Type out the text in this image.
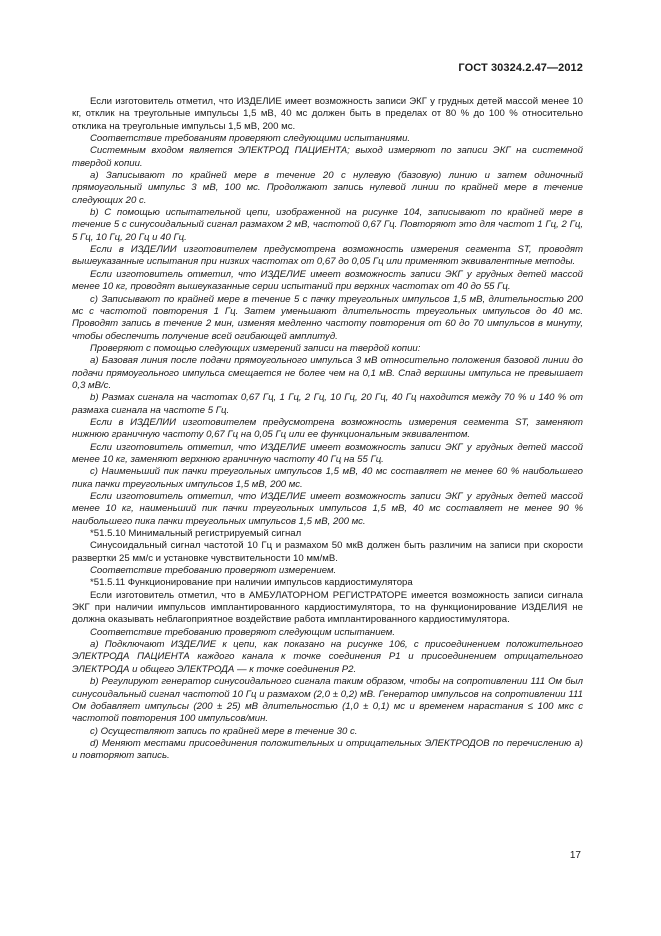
ГОСТ 30324.2.47—2012

Если изготовитель отметил, что ИЗДЕЛИЕ имеет возможность записи ЭКГ у грудных детей массой менее 10 кг, отклик на треугольные импульсы 1,5 мВ, 40 мс должен быть в пределах от 80 % до 100 % относительно отклика на треугольные импульсы 1,5 мВ, 200 мс.

Соответствие требованиям проверяют следующими испытаниями.

Системным входом является ЭЛЕКТРОД ПАЦИЕНТА; выход измеряют по записи ЭКГ на системной твердой копии.

a) Записывают по крайней мере в течение 20 с нулевую (базовую) линию и затем одиночный прямоугольный импульс 3 мВ, 100 мс. Продолжают запись нулевой линии по крайней мере в течение следующих 20 с.

b) С помощью испытательной цепи, изображенной на рисунке 104, записывают по крайней мере в течение 5 с синусоидальный сигнал размахом 2 мВ, частотой 0,67 Гц. Повторяют это для частот 1 Гц, 2 Гц, 5 Гц, 10 Гц, 20 Гц и 40 Гц.

Если в ИЗДЕЛИИ изготовителем предусмотрена возможность измерения сегмента ST, проводят вышеуказанные испытания при низких частотах от 0,67 до 0,05 Гц или применяют эквивалентные методы.

Если изготовитель отметил, что ИЗДЕЛИЕ имеет возможность записи ЭКГ у грудных детей массой менее 10 кг, проводят вышеуказанные серии испытаний при верхних частотах от 40 до 55 Гц.

c) Записывают по крайней мере в течение 5 с пачку треугольных импульсов 1,5 мВ, длительностью 200 мс с частотой повторения 1 Гц. Затем уменьшают длительность треугольных импульсов до 40 мс. Проводят запись в течение 2 мин, изменяя медленно частоту повторения от 60 до 70 импульсов в минуту, чтобы обеспечить получение всей огибающей амплитуд.

Проверяют с помощью следующих измерений записи на твердой копии:

a) Базовая линия после подачи прямоугольного импульса 3 мВ относительно положения базовой линии до подачи прямоугольного импульса смещается не более чем на 0,1 мВ. Спад вершины импульса не превышает 0,3 мВ/с.

b) Размах сигнала на частотах 0,67 Гц, 1 Гц, 2 Гц, 10 Гц, 20 Гц, 40 Гц находится между 70 % и 140 % от размаха сигнала на частоте 5 Гц.

Если в ИЗДЕЛИИ изготовителем предусмотрена возможность измерения сегмента ST, заменяют нижнюю граничную частоту 0,67 Гц на 0,05 Гц или ее функциональным эквивалентом.

Если изготовитель отметил, что ИЗДЕЛИЕ имеет возможность записи ЭКГ у грудных детей массой менее 10 кг, заменяют верхнюю граничную частоту 40 Гц на 55 Гц.

c) Наименьший пик пачки треугольных импульсов 1,5 мВ, 40 мс составляет не менее 60 % наибольшего пика пачки треугольных импульсов 1,5 мВ, 200 мс.

Если изготовитель отметил, что ИЗДЕЛИЕ имеет возможность записи ЭКГ у грудных детей массой менее 10 кг, наименьший пик пачки треугольных импульсов 1,5 мВ, 40 мс составляет не менее 90 % наибольшего пика пачки треугольных импульсов 1,5 мВ, 200 мс.

*51.5.10 Минимальный регистрируемый сигнал

Синусоидальный сигнал частотой 10 Гц и размахом 50 мкВ должен быть различим на записи при скорости развертки 25 мм/с и установке чувствительности 10 мм/мВ.

Соответствие требованию проверяют измерением.

*51.5.11 Функционирование при наличии импульсов кардиостимулятора

Если изготовитель отметил, что в АМБУЛАТОРНОМ РЕГИСТРАТОРЕ имеется возможность записи сигнала ЭКГ при наличии импульсов имплантированного кардиостимулятора, то на функционирование ИЗДЕЛИЯ не должна оказывать неблагоприятное воздействие работа имплантированного кардиостимулятора.

Соответствие требованию проверяют следующим испытанием.

a) Подключают ИЗДЕЛИЕ к цепи, как показано на рисунке 106, с присоединением положительного ЭЛЕКТРОДА ПАЦИЕНТА каждого канала к точке соединения Р1 и присоединением отрицательного ЭЛЕКТРОДА и общего ЭЛЕКТРОДА — к точке соединения Р2.

b) Регулируют генератор синусоидального сигнала таким образом, чтобы на сопротивлении 111 Ом был синусоидальный сигнал частотой 10 Гц и размахом (2,0 ± 0,2) мВ. Генератор импульсов на сопротивлении 111 Ом добавляет импульсы (200 ± 25) мВ длительностью (1,0 ± 0,1) мс и временем нарастания ≤ 100 мкс с частотой повторения 100 импульсов/мин.

c) Осуществляют запись по крайней мере в течение 30 с.

d) Меняют местами присоединения положительных и отрицательных ЭЛЕКТРОДОВ по перечислению а) и повторяют запись.

17
